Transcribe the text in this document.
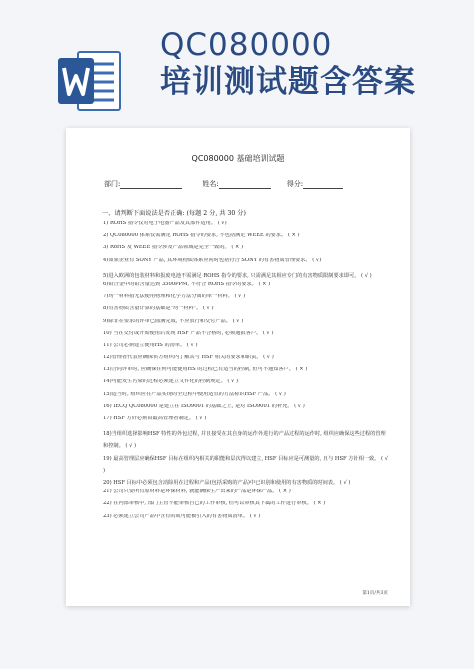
QC080000
培训测试题含答案
QC080000 基础培训试题
部门:	姓名:	得分:
一、请判断下面说法是否正确: (每题 2 分, 共 30 分)
1) ROHS 指令仅对电子电器产品及其部件适用。 ( √)
2) QC080000 体系仅需满足 ROHS 指令的要求, 不包括满足 WEEE 的要求。 ( × )
3) RoHS 及 WEEE 指令涉及产品领域是完全一致的。 ( × )
4)如果企业有 SONY 产品, 其环境物质体系应同时包括符合 SONY 的有害物质管理要求。 ( √)
5)进入欧洲的包装材料和报废电池不需满足 ROHS 指令的要求, 只需满足其相应专门的有害物质限制要求即可。 ( √ )
6)铅合金中的铅含量达到 3500PPM, 不符合 ROHS 指令的要求。 ( × )
7)均一材料指无法使用物理和化学方法分离的单一材料。 ( √ )
8)有害物质含量计算的基础是"均一材料"。 ( √ )
9)除非在要求的评审已圆满完成, 不应放行和交付产品。 ( √ )
10) 当在交付或开始使用后发现 HSF 产品不合格时, 必须通报客户。 ( √ )
11) 公司必须建立使用HS 的清单。 ( √ )
12)管理者代表应确保供方组织内了解其与 HSF 相关的要求和职责。 ( √ )
13)合同评审时, 应确保任何可能使用HS 的过程已有适当的控制, 但可不通知客户。 ( × )
14)可能发生污染的过程必须建立文件化的控制规定。 ( √ )
15)适当时, 组织应在产品实现的全过程中使用适宜的方法标识HSF 产品。 ( √ )
16) IECQ QC080000 是建立在 ISO9001 的基础之上, 是对 ISO9001 的补充。 ( √ )
17) HSF 方针必须由最高管理者制定。 ( √ )
18)当组织选择影响HSF 特性的外包过程, 并且接受在其自身的运作外进行的产品过程的运作时, 组织应确保这些过程的管理和控制。 ( √ )
19) 最高管理层应确保HSF 目标在组织内相关的职能和层次得以建立, HSF 目标应是可测量的, 且与 HSF 方针相一致。 ( √ )
20) HSF 目标中必须包含消除用在过程和产品(包括采购的产品)中已识别和使用的有害物质的时间表。 ( √ )
21) 公司只要所有原材料是环保材料, 就能确保生产出来的产品是环保产品。 ( × )
22) 在内部审核中, 部门主管不能审核自己的工作审核, 但可以审核其下属的工作进行审核。 ( × )
23) 必须建立公司产品中含有的或可能被引入的有害物质清单。 ( √ )
第1页/共3页
